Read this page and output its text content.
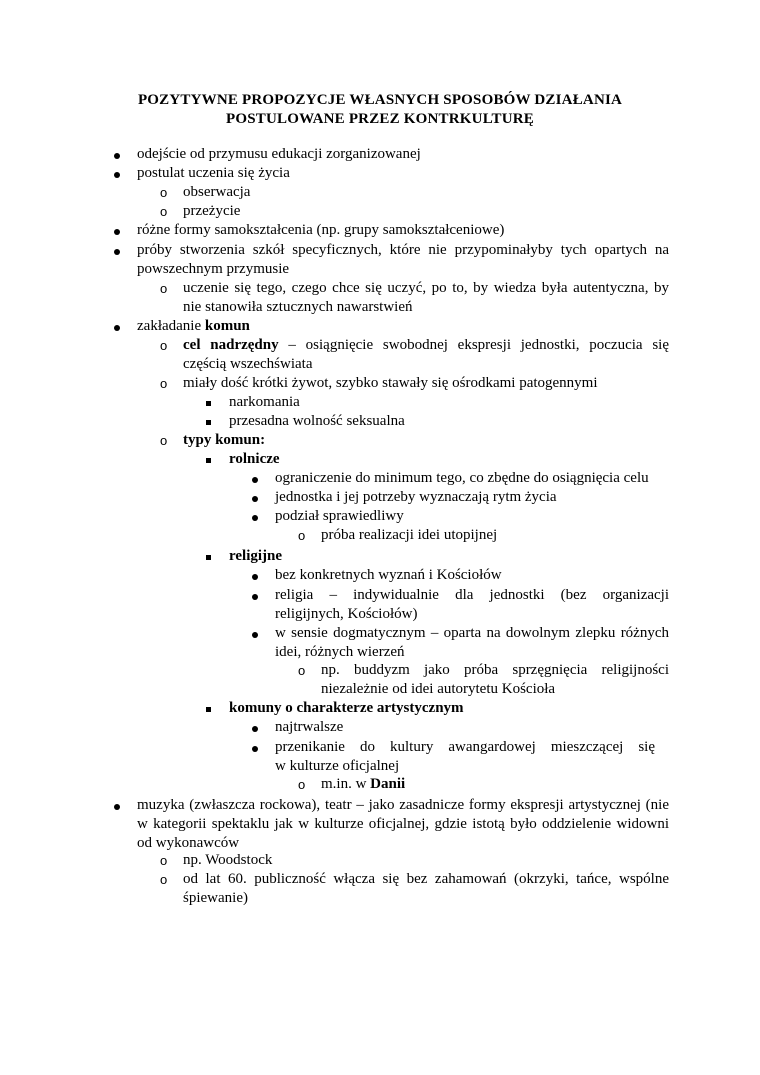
POZYTYWNE PROPOZYCJE WŁASNYCH SPOSOBÓW DZIAŁANIA
POSTULOWANE PRZEZ KONTRKULTURĘ
odejście od przymusu edukacji zorganizowanej
postulat uczenia się życia
o obserwacja
o przeżycie
różne formy samokształcenia (np. grupy samokształceniowe)
próby stworzenia szkół specyficznych, które nie przypominałyby tych opartych na
powszechnym przymusie
o uczenie się tego, czego chce się uczyć, po to, by wiedza była autentyczna, by
nie stanowiła sztucznych nawarstwień
zakładanie komun
o cel nadrzędny – osiągnięcie swobodnej ekspresji jednostki, poczucia się
częścią wszechświata
o miały dość krótki żywot, szybko stawały się ośrodkami patogennymi
narkomania
przesadna wolność seksualna
o typy komun:
rolnicze
ograniczenie do minimum tego, co zbędne do osiągnięcia celu
jednostka i jej potrzeby wyznaczają rytm życia
podział sprawiedliwy
o próba realizacji idei utopijnej
religijne
bez konkretnych wyznań i Kościołów
religia – indywidualnie dla jednostki (bez organizacji
religijnych, Kościołów)
w sensie dogmatycznym – oparta na dowolnym zlepku różnych
idei, różnych wierzeń
o np. buddyzm jako próba sprzęgnięcia religijności
niezależnie od idei autorytetu Kościoła
komuny o charakterze artystycznym
najtrwalsze
przenikanie do kultury awangardowej mieszczącej się
w kulturze oficjalnej
o m.in. w Danii
muzyka (zwłaszcza rockowa), teatr – jako zasadnicze formy ekspresji artystycznej (nie
w kategorii spektaklu jak w kulturze oficjalnej, gdzie istotą było oddzielenie widowni
od wykonawców
o np. Woodstock
o od lat 60. publiczność włącza się bez zahamowań (okrzyki, tańce, wspólne
śpiewanie)
